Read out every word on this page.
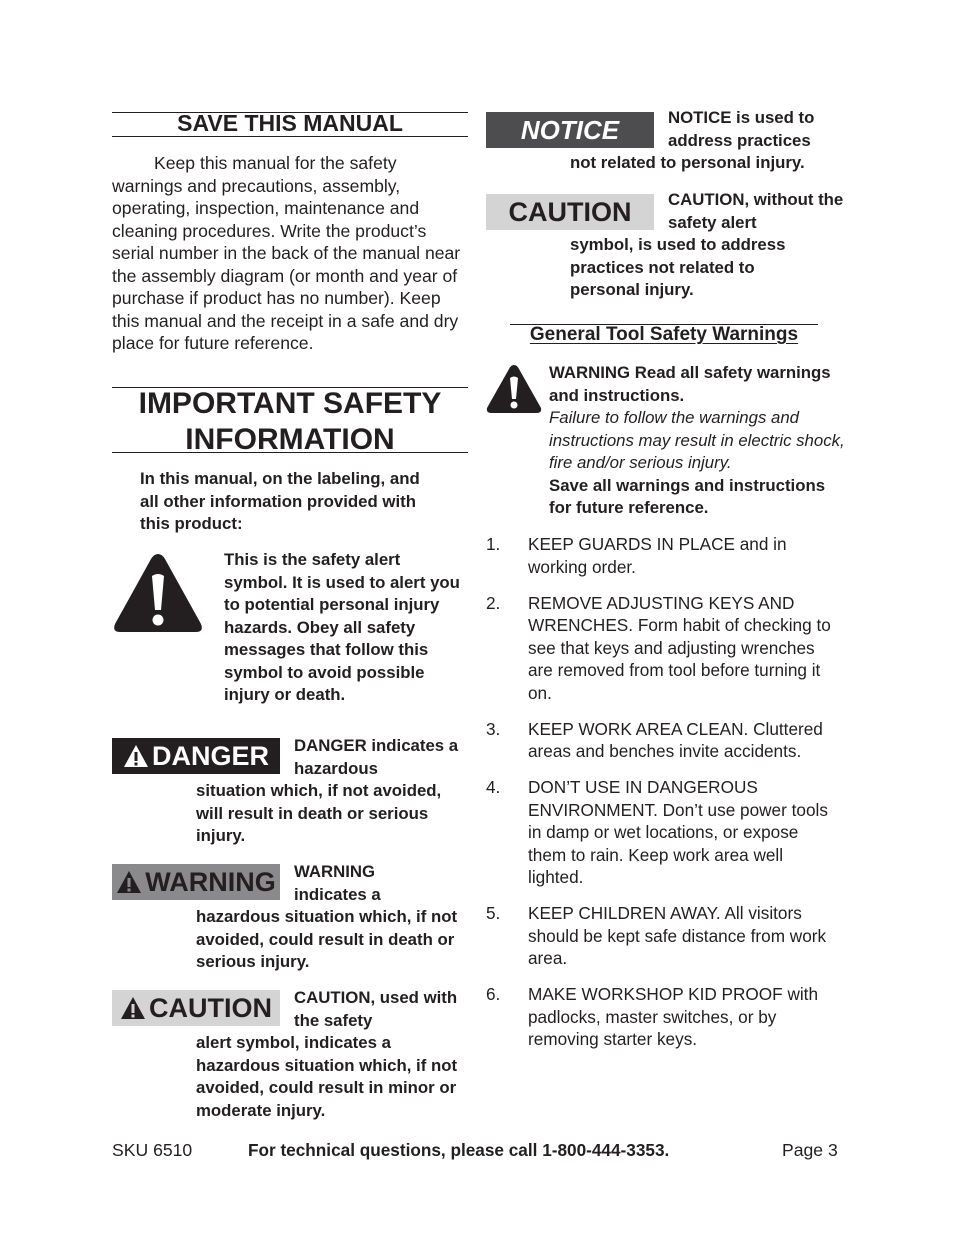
SAVE THIS MANUAL

Keep this manual for the safety warnings and precautions, assembly, operating, inspection, maintenance and cleaning procedures. Write the product’s serial number in the back of the manual near the assembly diagram (or month and year of purchase if product has no number). Keep this manual and the receipt in a safe and dry place for future reference.

IMPORTANT SAFETY
INFORMATION
In this manual, on the labeling, and all other information provided with this product:
This is the safety alert symbol. It is used to alert you to potential personal injury hazards. Obey all safety messages that follow this symbol to avoid possible injury or death.
DANGER DANGER indicates a hazardous
situation which, if not avoided, will result in death or serious injury.
WARNING WARNING indicates a
hazardous situation which, if not avoided, could result in death or serious injury.
CAUTION CAUTION, used with the safety
alert symbol, indicates a hazardous situation which, if not avoided, could result in minor or moderate injury.
NOTICE	NOTICE is used to address practices
not related to personal injury.
CAUTION CAUTION, without the safety alert
symbol, is used to address practices not related to personal injury.
General Tool Safety Warnings
WARNING Read all safety warnings and instructions.
Failure to follow the warnings and instructions may result in electric shock, fire and/or serious injury.
Save all warnings and instructions for future reference.
1.	KEEP GUARDS IN PLACE and in working order.
2.	REMOVE ADJUSTING KEYS AND WRENCHES. Form habit of checking to see that keys and adjusting wrenches are removed from tool before turning it on.
3.	KEEP WORK AREA CLEAN. Cluttered areas and benches invite accidents.
4.	DON’T USE IN DANGEROUS ENVIRONMENT. Don’t use power tools in damp or wet locations, or expose them to rain. Keep work area well lighted.
5.	KEEP CHILDREN AWAY. All visitors should be kept safe distance from work area.
6.	MAKE WORKSHOP KID PROOF with padlocks, master switches, or by removing starter keys.
SKU 6510	For technical questions, please call 1-800-444-3353.	Page 3
